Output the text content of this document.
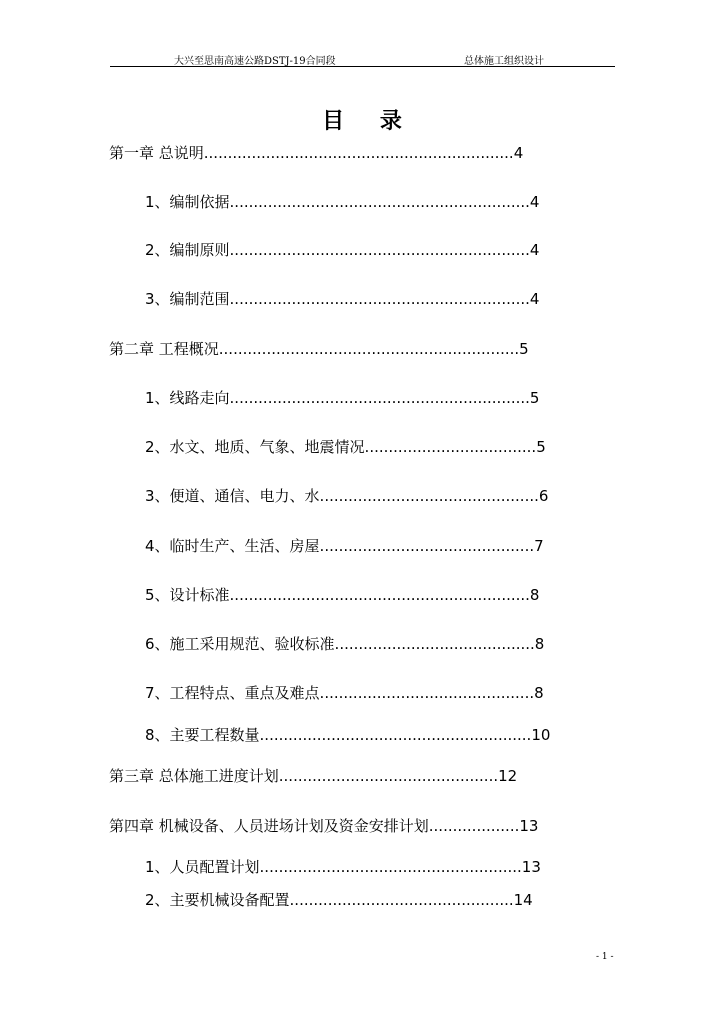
大兴至思南高速公路DSTJ-19合同段	总体施工组织设计
目 录
第一章 总说明.................................................................4
1、编制依据...............................................................4
2、编制原则...............................................................4
3、编制范围...............................................................4
第二章 工程概况...............................................................5
1、线路走向...............................................................5
2、水文、地质、气象、地震情况....................................5
3、便道、通信、电力、水..............................................6
4、临时生产、生活、房屋.............................................7
5、设计标准...............................................................8
6、施工采用规范、验收标准..........................................8
7、工程特点、重点及难点.............................................8
8、主要工程数量.........................................................10
第三章 总体施工进度计划..............................................12
第四章 机械设备、人员进场计划及资金安排计划...................13
1、人员配置计划.......................................................13
2、主要机械设备配置...............................................14
- 1 -
